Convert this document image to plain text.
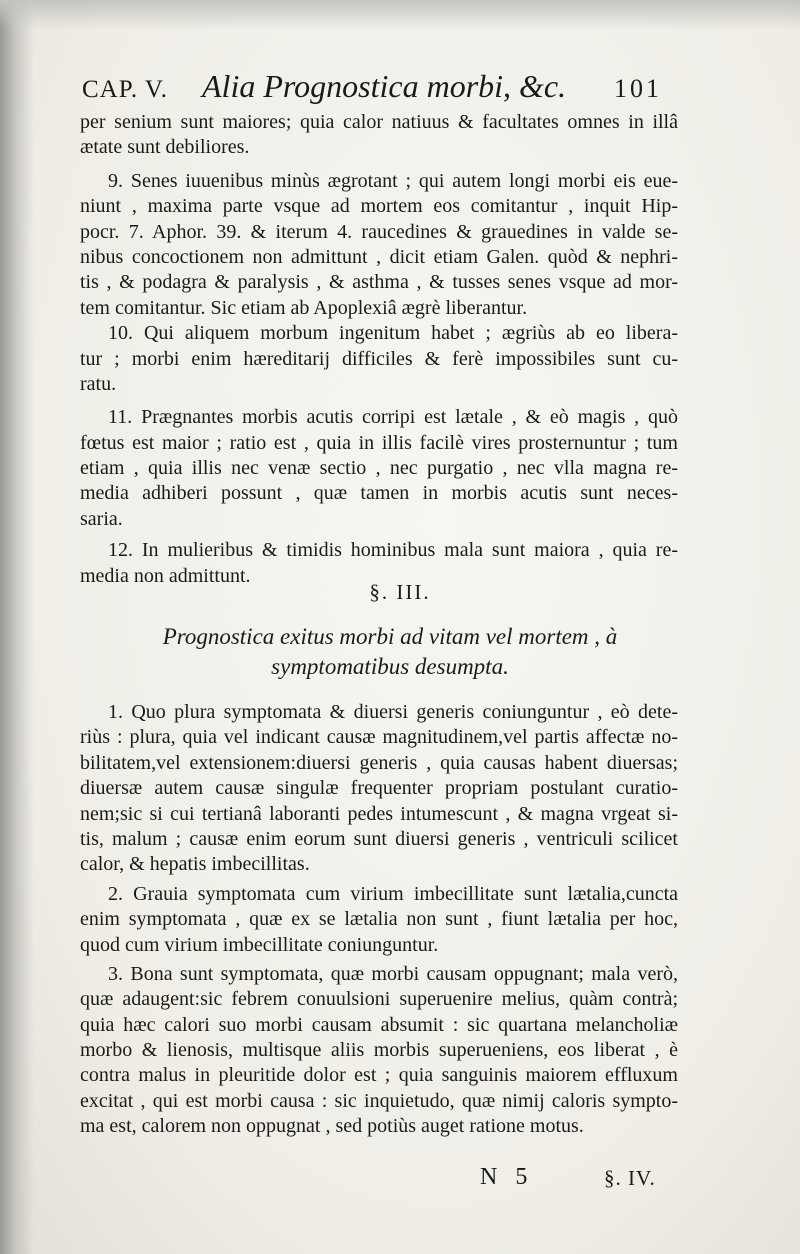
CAP. V. Alia Prognostica morbi, &c. 101
per senium sunt maiores; quia calor natiuus & facultates omnes in illâ
ætate sunt debiliores.
9. Senes iuuenibus minùs ægrotant ; qui autem longi morbi eis eue-
niunt , maxima parte vsque ad mortem eos comitantur , inquit Hip-
pocr. 7. Aphor. 39. & iterum 4. raucedines & grauedines in valde se-
nibus concoctionem non admittunt , dicit etiam Galen. quòd & nephri-
tis , & podagra & paralysis , & asthma , & tusses senes vsque ad mor-
tem comitantur. Sic etiam ab Apoplexiâ ægrè liberantur.
10. Qui aliquem morbum ingenitum habet ; ægriùs ab eo libera-
tur ; morbi enim hæreditarij difficiles & ferè impossibiles sunt cu-
ratu.
11. Prægnantes morbis acutis corripi est lætale , & eò magis , quò
fœtus est maior ; ratio est , quia in illis facilè vires prosternuntur ; tum
etiam , quia illis nec venæ sectio , nec purgatio , nec vlla magna re-
media adhiberi possunt , quæ tamen in morbis acutis sunt neces-
saria.
12. In mulieribus & timidis hominibus mala sunt maiora , quia re-
media non admittunt.
§. III.
Prognostica exitus morbi ad vitam vel mortem , à
symptomatibus desumpta.
1. Quo plura symptomata & diuersi generis coniunguntur , eò dete-
riùs : plura, quia vel indicant causæ magnitudinem,vel partis affectæ no-
bilitatem,vel extensionem:diuersi generis , quia causas habent diuersas;
diuersæ autem causæ singulæ frequenter propriam postulant curatio-
nem;sic si cui tertianâ laboranti pedes intumescunt , & magna vrgeat si-
tis, malum ; causæ enim eorum sunt diuersi generis , ventriculi scilicet
calor, & hepatis imbecillitas.
2. Grauia symptomata cum virium imbecillitate sunt lætalia,cuncta
enim symptomata , quæ ex se lætalia non sunt , fiunt lætalia per hoc,
quod cum virium imbecillitate coniunguntur.
3. Bona sunt symptomata, quæ morbi causam oppugnant; mala verò,
quæ adaugent:sic febrem conuulsioni superuenire melius, quàm contrà;
quia hæc calori suo morbi causam absumit : sic quartana melancholiæ
morbo & lienosis, multisque aliis morbis superueniens, eos liberat , è
contra malus in pleuritide dolor est ; quia sanguinis maiorem effluxum
excitat , qui est morbi causa : sic inquietudo, quæ nimij caloris sympto-
ma est, calorem non oppugnat , sed potiùs auget ratione motus.
N 5	§. IV.
